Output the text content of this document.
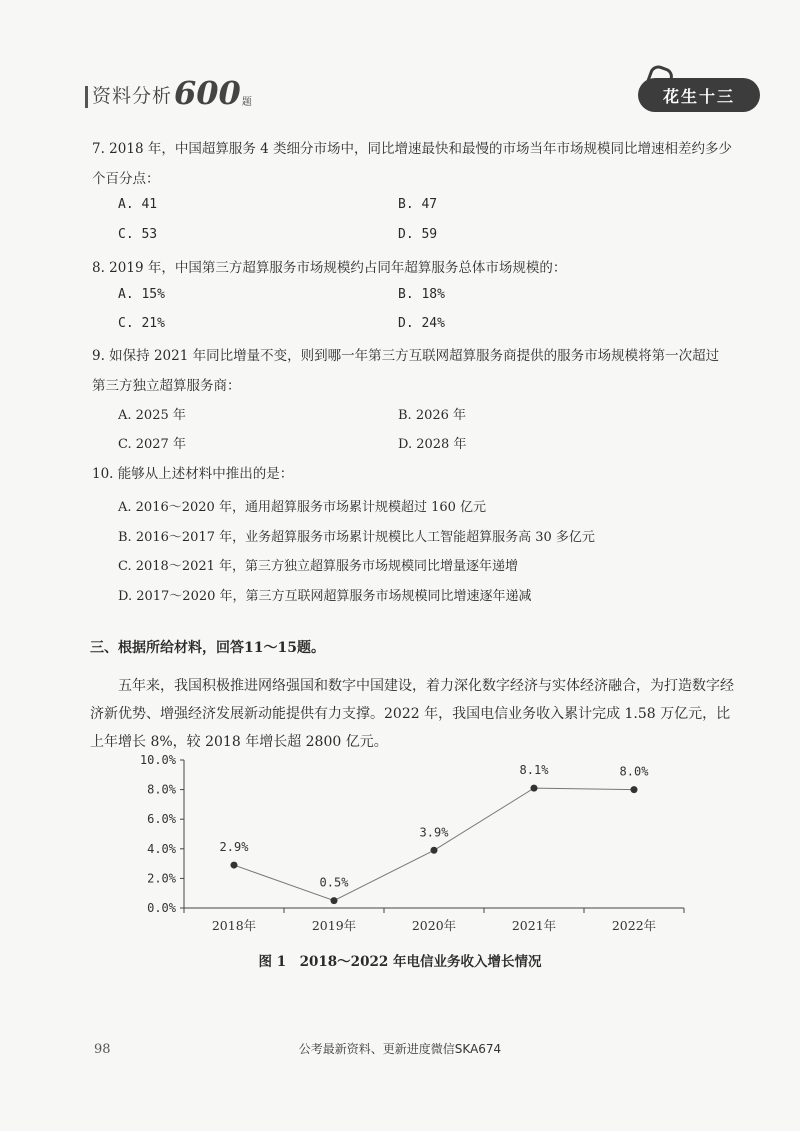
资料分析 600 题	花生十三
7. 2018 年，中国超算服务 4 类细分市场中，同比增速最快和最慢的市场当年市场规模同比增速相差约多少个百分点：
A. 41	B. 47
C. 53	D. 59
8. 2019 年，中国第三方超算服务市场规模约占同年超算服务总体市场规模的：
A. 15%	B. 18%
C. 21%	D. 24%
9. 如保持 2021 年同比增量不变，则到哪一年第三方互联网超算服务商提供的服务市场规模将第一次超过第三方独立超算服务商：
A. 2025 年	B. 2026 年
C. 2027 年	D. 2028 年
10. 能够从上述材料中推出的是：
A. 2016～2020 年，通用超算服务市场累计规模超过 160 亿元
B. 2016～2017 年，业务超算服务市场累计规模比人工智能超算服务高 30 多亿元
C. 2018～2021 年，第三方独立超算服务市场规模同比增量逐年递增
D. 2017～2020 年，第三方互联网超算服务市场规模同比增速逐年递减
三、根据所给材料，回答11～15题。
五年来，我国积极推进网络强国和数字中国建设，着力深化数字经济与实体经济融合，为打造数字经济新优势、增强经济发展新动能提供有力支撑。2022 年，我国电信业务收入累计完成 1.58 万亿元，比上年增长 8%，较 2018 年增长超 2800 亿元。
0.0%
2.0%
4.0%
6.0%
8.0%
10.0%
2018年	2019年	2020年	2021年	2022年
2.9%
0.5%
3.9%
8.1%	8.0%
图 1　2018～2022 年电信业务收入增长情况
98	公考最新资料、更新进度微信SKA674
